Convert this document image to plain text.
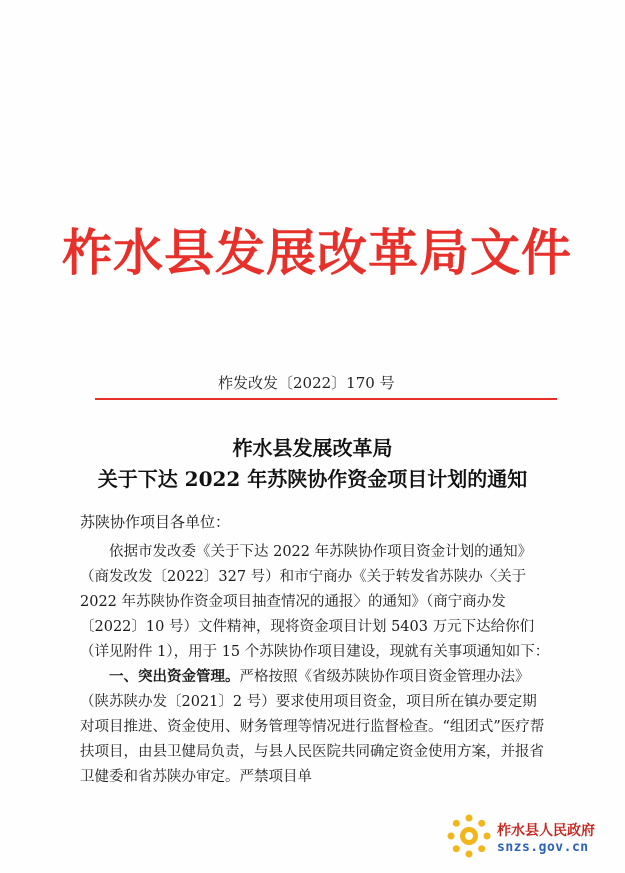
柞水县发展改革局文件
柞发改发〔2022〕170 号
柞水县发展改革局
关于下达 2022 年苏陕协作资金项目计划的通知
苏陕协作项目各单位：

依据市发改委《关于下达 2022 年苏陕协作项目资金计划的通知》（商发改发〔2022〕327 号）和市宁商办《关于转发省苏陕办〈关于 2022 年苏陕协作资金项目抽查情况的通报〉的通知》（商宁商办发〔2022〕10 号）文件精神，现将资金项目计划 5403 万元下达给你们（详见附件 1），用于 15 个苏陕协作项目建设，现就有关事项通知如下：

一、突出资金管理。严格按照《省级苏陕协作项目资金管理办法》（陕苏陕办发〔2021〕2 号）要求使用项目资金，项目所在镇办要定期对项目推进、资金使用、财务管理等情况进行监督检查。“组团式”医疗帮扶项目，由县卫健局负责，与县人民医院共同确定资金使用方案，并报省卫健委和省苏陕办审定。严禁项目单

柞水县人民政府
snzs.gov.cn
